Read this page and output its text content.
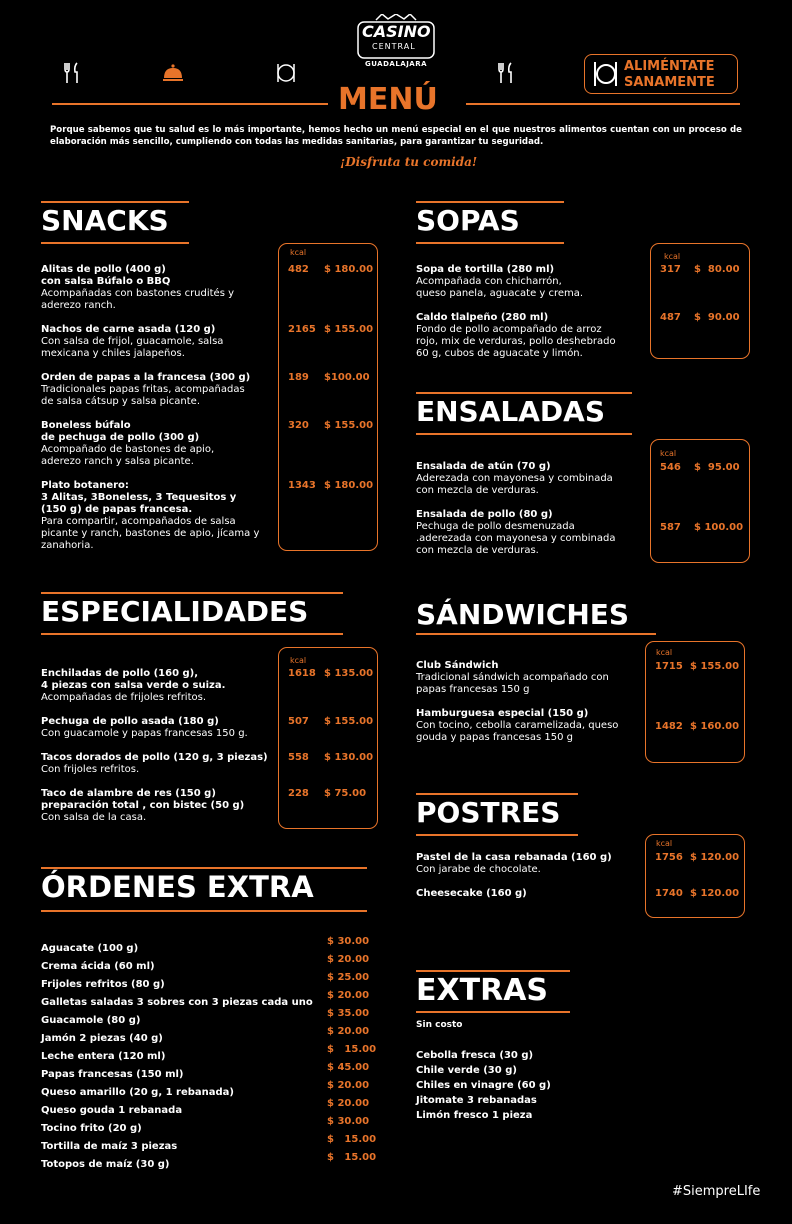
CASINO
CENTRAL
GUADALAJARA	ALIMÉNTATE
SANAMENTE
MENÚ
Porque sabemos que tu salud es lo más importante, hemos hecho un menú especial en el que nuestros alimentos cuentan con un proceso de elaboración más sencillo, cumpliendo con todas las medidas sanitarias, para garantizar tu seguridad.
¡Disfruta tu comida!
SNACKS
kcal
Alitas de pollo (400 g)
con salsa Búfalo o BBQ
Acompañadas con bastones crudités y
aderezo ranch.
482 $ 180.00
Nachos de carne asada (120 g)
Con salsa de frijol, guacamole, salsa
mexicana y chiles jalapeños.
2165 $ 155.00
Orden de papas a la francesa (300 g)
Tradicionales papas fritas, acompañadas
de salsa cátsup y salsa picante.
189 $100.00
Boneless búfalo
de pechuga de pollo (300 g)
Acompañado de bastones de apio,
aderezo ranch y salsa picante.
320 $ 155.00
Plato botanero:
3 Alitas, 3Boneless, 3 Tequesitos y
(150 g) de papas francesa.
Para compartir, acompañados de salsa
picante y ranch, bastones de apio, jícama y
zanahoria.
1343 $ 180.00
ESPECIALIDADES
kcal
Enchiladas de pollo (160 g),
4 piezas con salsa verde o suiza.
Acompañadas de frijoles refritos.
1618 $ 135.00
Pechuga de pollo asada (180 g)
Con guacamole y papas francesas 150 g.
507 $ 155.00
Tacos dorados de pollo (120 g, 3 piezas)
Con frijoles refritos.
558 $ 130.00
Taco de alambre de res (150 g)
preparación total , con bistec (50 g)
Con salsa de la casa.
228 $ 75.00
ÓRDENES EXTRA
Aguacate (100 g)
$ 30.00
Crema ácida (60 ml)
$ 20.00
Frijoles refritos (80 g)
$ 25.00
Galletas saladas 3 sobres con 3 piezas cada uno
$ 20.00
Guacamole (80 g)
$ 35.00
Jamón 2 piezas (40 g)
$ 20.00
Leche entera (120 ml)
$   15.00
Papas francesas (150 ml)
$ 45.00
Queso amarillo (20 g, 1 rebanada)
$ 20.00
Queso gouda 1 rebanada
$ 20.00
Tocino frito (20 g)
$ 30.00
Tortilla de maíz 3 piezas
$   15.00
Totopos de maíz (30 g)
$   15.00
SOPAS
kcal
Sopa de tortilla (280 ml)
Acompañada con chicharrón,
queso panela, aguacate y crema.
317 $  80.00
Caldo tlalpeño (280 ml)
Fondo de pollo acompañado de arroz
rojo, mix de verduras, pollo deshebrado
60 g, cubos de aguacate y limón.
487 $  90.00
ENSALADAS
kcal
Ensalada de atún (70 g)
Aderezada con mayonesa y combinada
con mezcla de verduras.
546 $  95.00
Ensalada de pollo (80 g)
Pechuga de pollo desmenuzada
.aderezada con mayonesa y combinada
con mezcla de verduras.
587 $ 100.00
SÁNDWICHES
kcal
Club Sándwich
Tradicional sándwich acompañado con
papas francesas 150 g
1715 $ 155.00
Hamburguesa especial (150 g)
Con tocino, cebolla caramelizada, queso
gouda y papas francesas 150 g
1482 $ 160.00
POSTRES
kcal
Pastel de la casa rebanada (160 g)
Con jarabe de chocolate.
1756 $ 120.00
Cheesecake (160 g)	1740 $ 120.00
EXTRAS
Sin costo
Cebolla fresca (30 g)
Chile verde (30 g)
Chiles en vinagre (60 g)
Jitomate 3 rebanadas
Limón fresco 1 pieza
#SiempreLIfe
